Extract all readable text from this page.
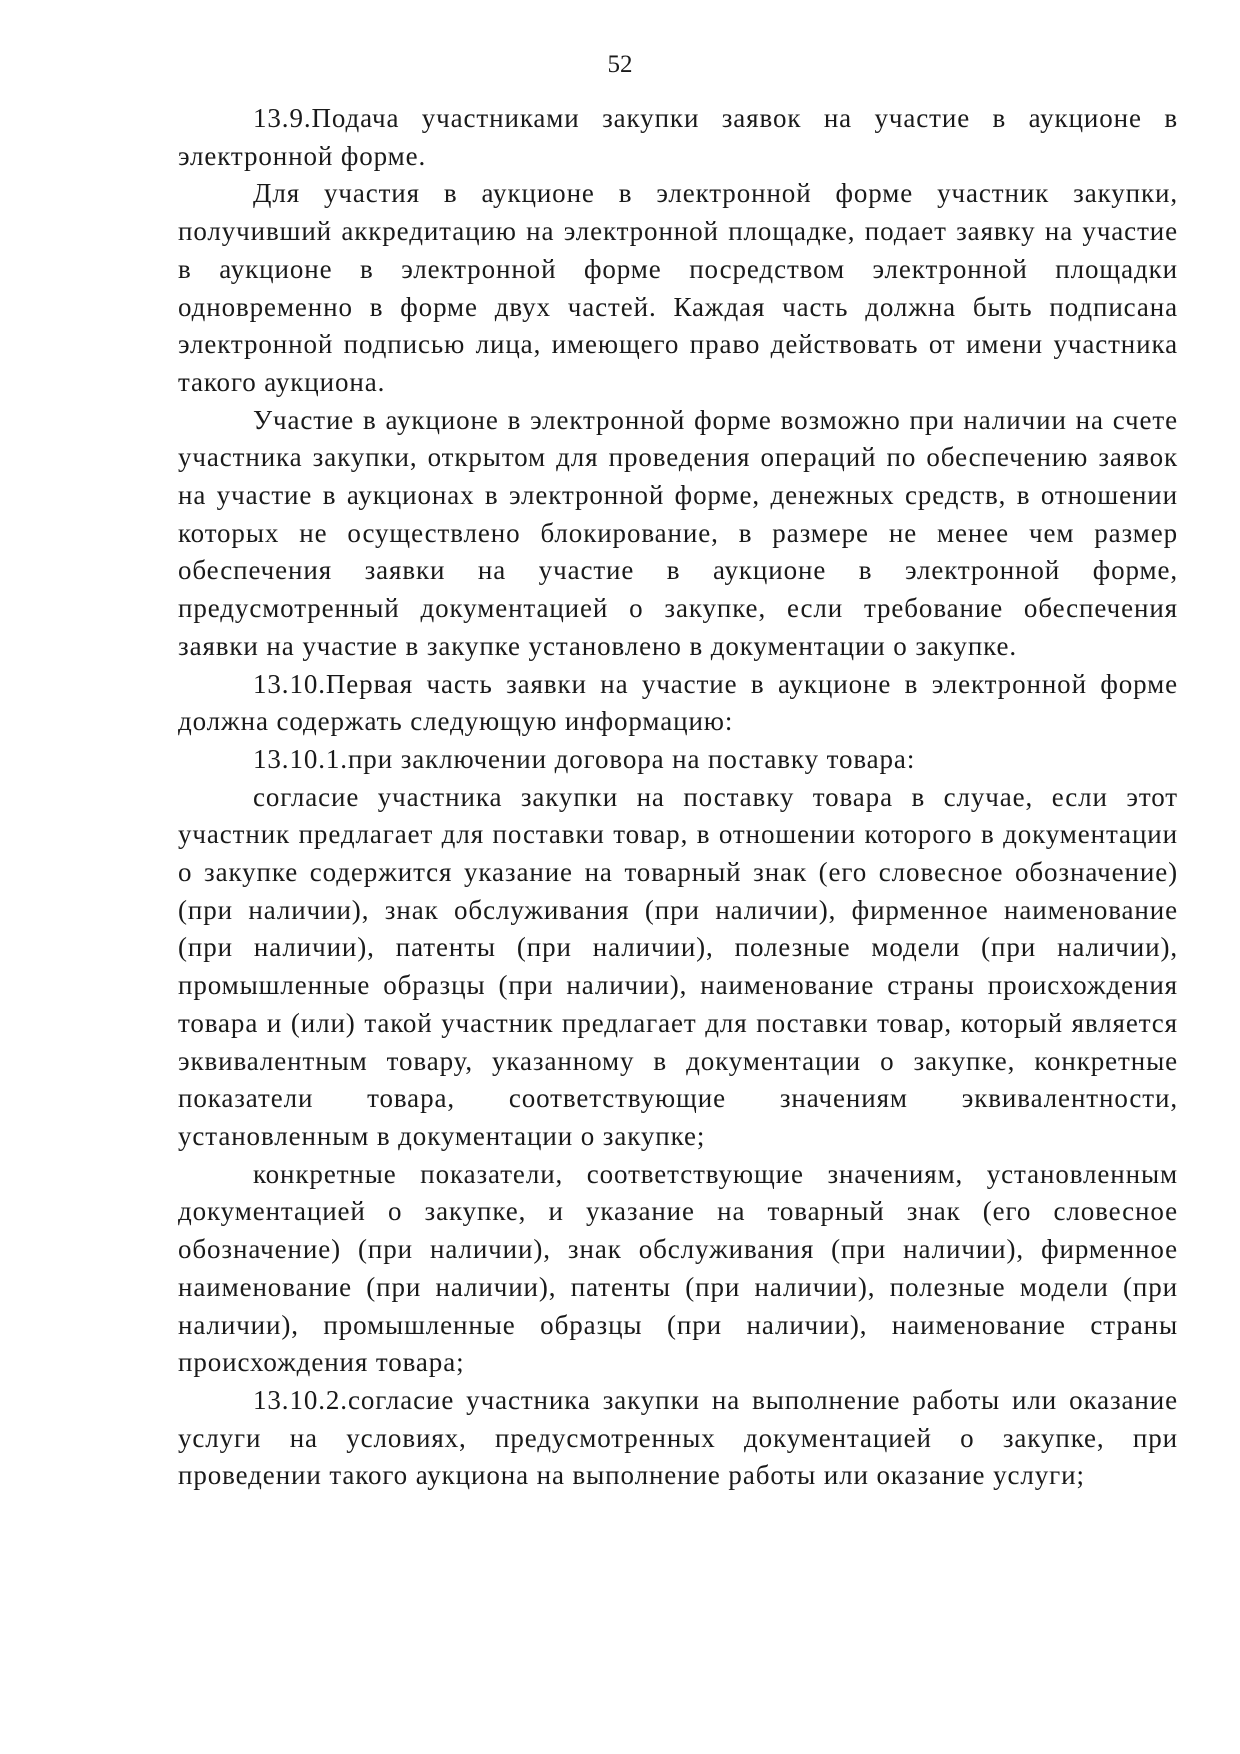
52

13.9.Подача участниками закупки заявок на участие в аукционе в электронной форме.

Для участия в аукционе в электронной форме участник закупки, получивший аккредитацию на электронной площадке, подает заявку на участие в аукционе в электронной форме посредством электронной площадки одновременно в форме двух частей. Каждая часть должна быть подписана электронной подписью лица, имеющего право действовать от имени участника такого аукциона.

Участие в аукционе в электронной форме возможно при наличии на счете участника закупки, открытом для проведения операций по обеспечению заявок на участие в аукционах в электронной форме, денежных средств, в отношении которых не осуществлено блокирование, в размере не менее чем размер обеспечения заявки на участие в аукционе в электронной форме, предусмотренный документацией о закупке, если требование обеспечения заявки на участие в закупке установлено в документации о закупке.

13.10.Первая часть заявки на участие в аукционе в электронной форме должна содержать следующую информацию:

13.10.1.при заключении договора на поставку товара:

согласие участника закупки на поставку товара в случае, если этот участник предлагает для поставки товар, в отношении которого в документации о закупке содержится указание на товарный знак (его словесное обозначение) (при наличии), знак обслуживания (при наличии), фирменное наименование (при наличии), патенты (при наличии), полезные модели (при наличии), промышленные образцы (при наличии), наименование страны происхождения товара и (или) такой участник предлагает для поставки товар, который является эквивалентным товару, указанному в документации о закупке, конкретные показатели товара, соответствующие значениям эквивалентности, установленным в документации о закупке;

конкретные показатели, соответствующие значениям, установленным документацией о закупке, и указание на товарный знак (его словесное обозначение) (при наличии), знак обслуживания (при наличии), фирменное наименование (при наличии), патенты (при наличии), полезные модели (при наличии), промышленные образцы (при наличии), наименование страны происхождения товара;

13.10.2.согласие участника закупки на выполнение работы или оказание услуги на условиях, предусмотренных документацией о закупке, при проведении такого аукциона на выполнение работы или оказание услуги;
